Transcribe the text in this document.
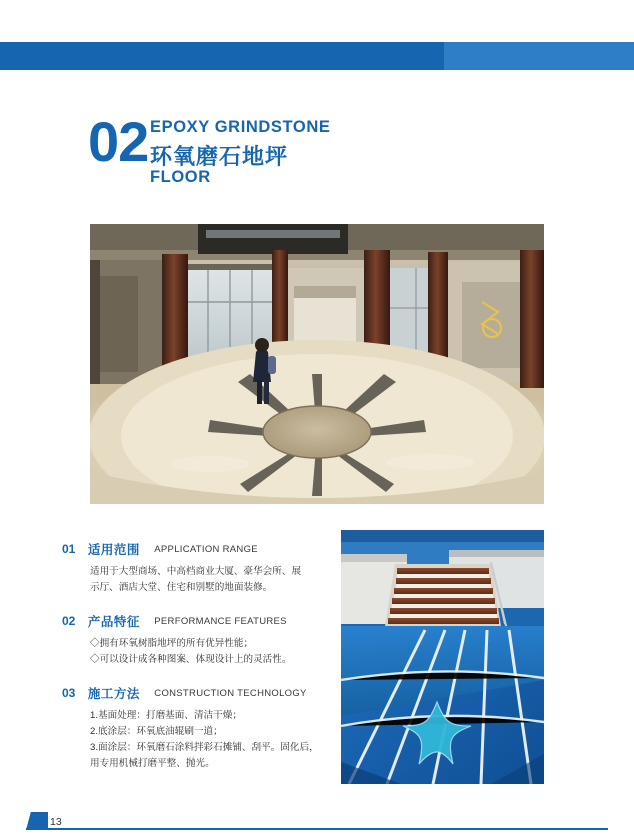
02 EPOXY GRINDSTONE
环氧磨石地坪
FLOOR
01 适用范围 APPLICATION RANGE
适用于大型商场、中高档商业大厦、豪华会所、展
示厅、酒店大堂、住宅和别墅的地面装修。
02 产品特征 PERFORMANCE FEATURES
◇拥有环氧树脂地坪的所有优异性能；
◇可以设计成各种图案、体现设计上的灵活性。
03 施工方法 CONSTRUCTION TECHNOLOGY
1.基面处理：打磨基面、清洁干燥；
2.底涂层：环氧底油辊刷一道；
3.面涂层：环氧磨石涂料拌彩石摊铺、刮平。固化后，
用专用机械打磨平整、抛光。
13
